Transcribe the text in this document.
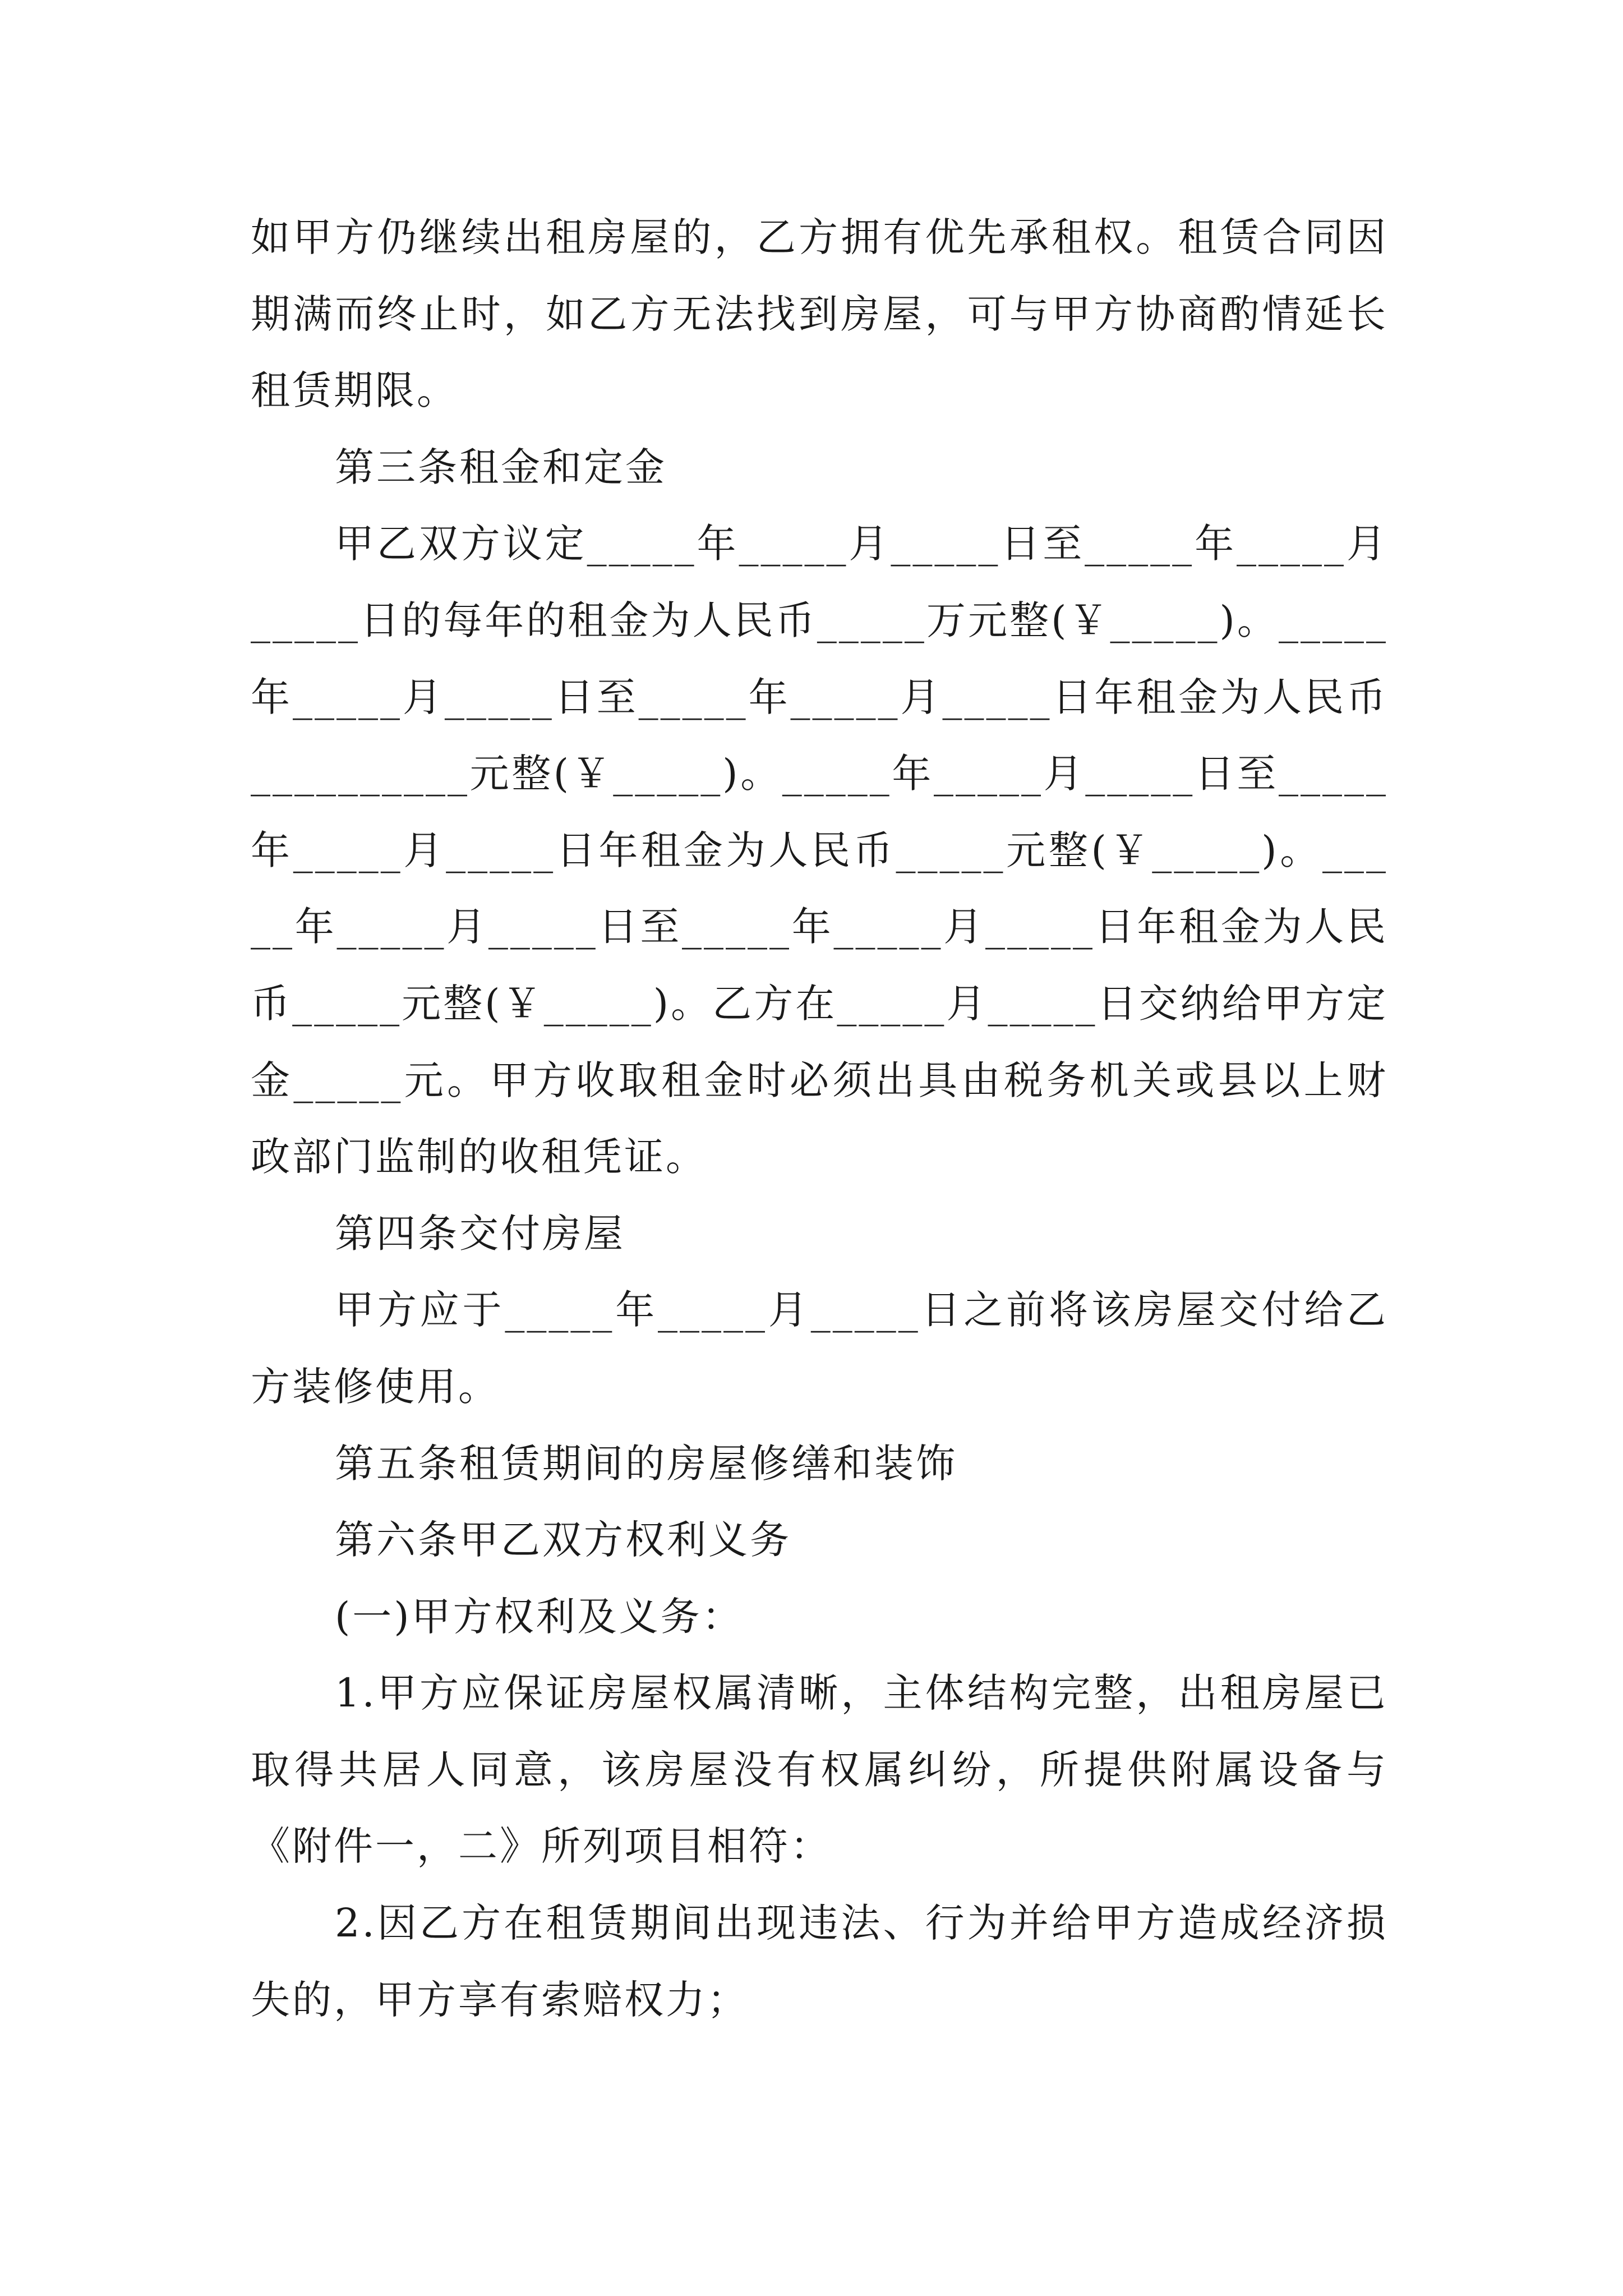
如甲方仍继续出租房屋的，乙方拥有优先承租权。租赁合同因期满而终止时，如乙方无法找到房屋，可与甲方协商酌情延长租赁期限。

第三条租金和定金

甲乙双方议定_____年_____月_____日至_____年_____月_____日的每年的租金为人民币_____万元整(￥_____)。_____年_____月_____日至_____年_____月_____日年租金为人民币__________元整(￥_____)。_____年_____月_____日至_____年_____月_____日年租金为人民币_____元整(￥_____)。_____年_____月_____日至_____年_____月_____日年租金为人民币_____元整(￥_____)。乙方在_____月_____日交纳给甲方定金_____元。甲方收取租金时必须出具由税务机关或县以上财政部门监制的收租凭证。

第四条交付房屋

甲方应于_____年_____月_____日之前将该房屋交付给乙方装修使用。

第五条租赁期间的房屋修缮和装饰

第六条甲乙双方权利义务

(一)甲方权利及义务：

1.甲方应保证房屋权属清晰，主体结构完整，出租房屋已取得共居人同意，该房屋没有权属纠纷，所提供附属设备与《附件一，二》所列项目相符：

2.因乙方在租赁期间出现违法、行为并给甲方造成经济损失的，甲方享有索赔权力；
